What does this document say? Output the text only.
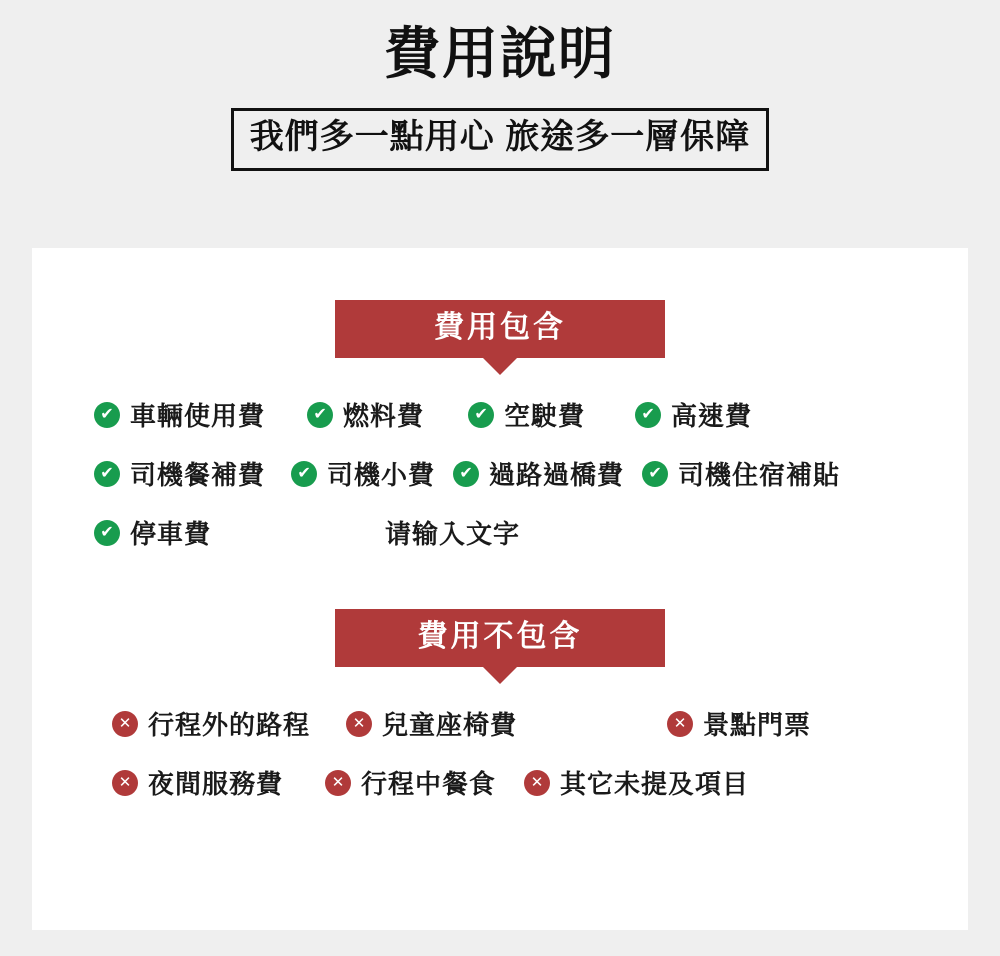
費用說明
我們多一點用心 旅途多一層保障
費用包含
✔ 車輛使用費	✔ 燃料費	✔ 空駛費	✔ 高速費
✔ 司機餐補費	✔ 司機小費	✔ 過路過橋費	✔ 司機住宿補貼
✔ 停車費	请输入文字
費用不包含
✕ 行程外的路程	✕ 兒童座椅費	✕ 景點門票
✕ 夜間服務費	✕ 行程中餐食	✕ 其它未提及項目
